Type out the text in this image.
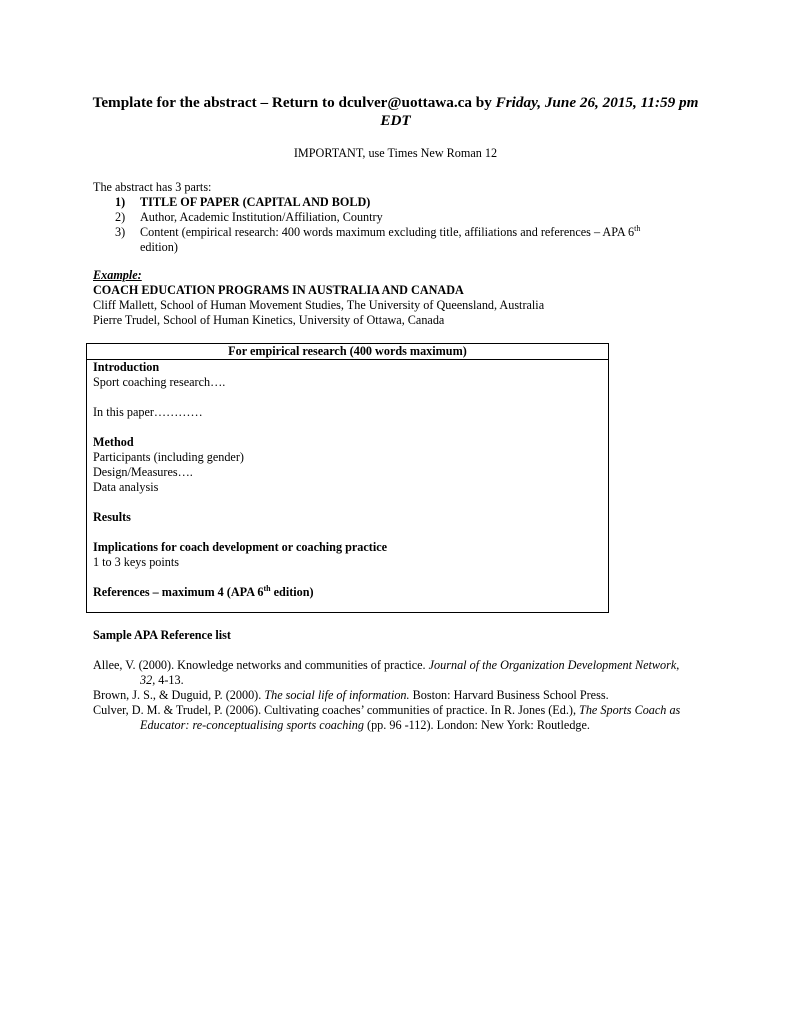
Template for the abstract – Return to dculver@uottawa.ca by Friday, June 26, 2015, 11:59 pm EDT
IMPORTANT, use Times New Roman 12
The abstract has 3 parts:
1)	TITLE OF PAPER (CAPITAL AND BOLD)
2)	Author, Academic Institution/Affiliation, Country
3)	Content (empirical research: 400 words maximum excluding title, affiliations and references – APA 6th edition)
Example:
COACH EDUCATION PROGRAMS IN AUSTRALIA AND CANADA
Cliff Mallett, School of Human Movement Studies, The University of Queensland, Australia
Pierre Trudel, School of Human Kinetics, University of Ottawa, Canada
For empirical research (400 words maximum)
Introduction
Sport coaching research….
In this paper…………
Method
Participants (including gender)
Design/Measures….
Data analysis
Results
Implications for coach development or coaching practice
1 to 3 keys points
References – maximum 4 (APA 6th edition)
Sample APA Reference list
Allee, V. (2000). Knowledge networks and communities of practice. Journal of the Organization Development Network, 32, 4-13.
Brown, J. S., & Duguid, P. (2000). The social life of information. Boston: Harvard Business School Press.
Culver, D. M. & Trudel, P. (2006). Cultivating coaches’ communities of practice. In R. Jones (Ed.), The Sports Coach as Educator: re-conceptualising sports coaching (pp. 96 -112). London: New York: Routledge.
